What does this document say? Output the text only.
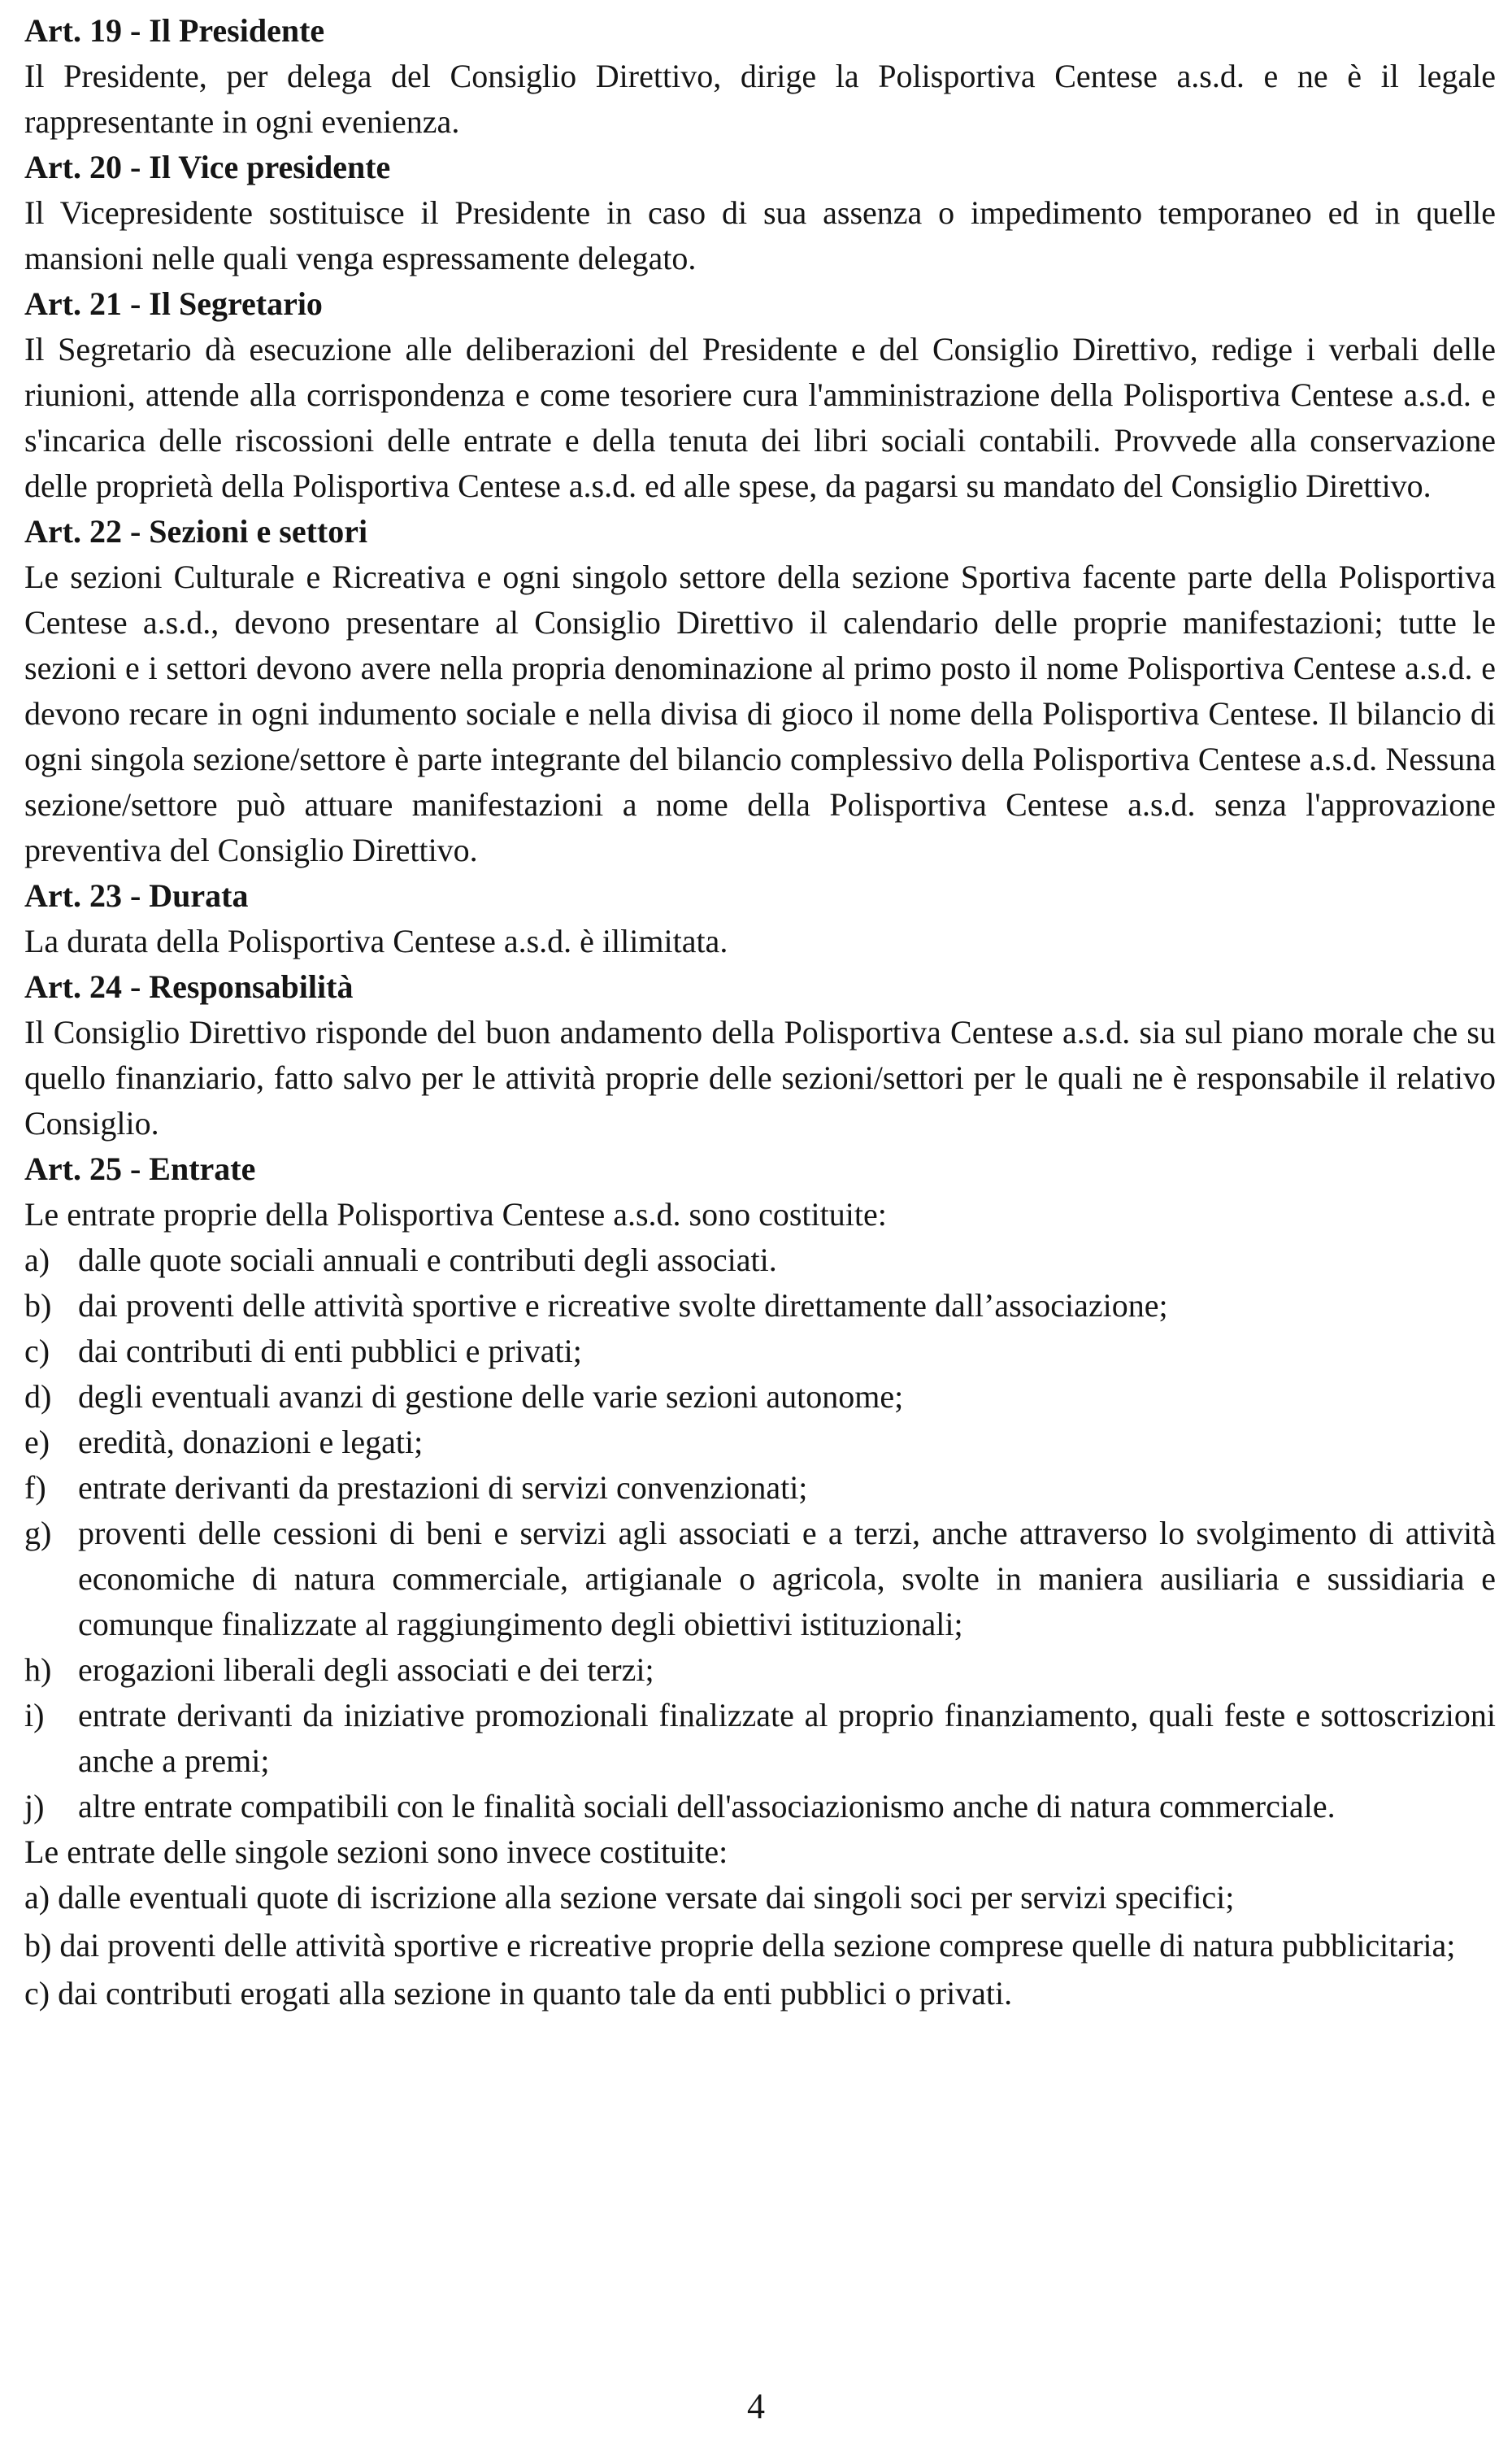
Art. 19 - Il Presidente

Il Presidente, per delega del Consiglio Direttivo, dirige la Polisportiva Centese a.s.d. e ne è il legale rappresentante in ogni evenienza.

Art. 20 - Il Vice presidente

Il Vicepresidente sostituisce il Presidente in caso di sua assenza o impedimento temporaneo ed in quelle mansioni nelle quali venga espressamente delegato.

Art. 21 - Il Segretario

Il Segretario dà esecuzione alle deliberazioni del Presidente e del Consiglio Direttivo, redige i verbali delle riunioni, attende alla corrispondenza e come tesoriere cura l'amministrazione della Polisportiva Centese a.s.d. e s'incarica delle riscossioni delle entrate e della tenuta dei libri sociali contabili. Provvede alla conservazione delle proprietà della Polisportiva Centese a.s.d. ed alle spese, da pagarsi su mandato del Consiglio Direttivo.

Art. 22 - Sezioni e settori

Le sezioni Culturale e Ricreativa e ogni singolo settore della sezione Sportiva facente parte della Polisportiva Centese a.s.d., devono presentare al Consiglio Direttivo il calendario delle proprie manifestazioni; tutte le sezioni e i settori devono avere nella propria denominazione al primo posto il nome Polisportiva Centese a.s.d. e devono recare in ogni indumento sociale e nella divisa di gioco il nome della Polisportiva Centese. Il bilancio di ogni singola sezione/settore è parte integrante del bilancio complessivo della Polisportiva Centese a.s.d. Nessuna sezione/settore può attuare manifestazioni a nome della Polisportiva Centese a.s.d. senza l'approvazione preventiva del Consiglio Direttivo.

Art. 23 - Durata

La durata della Polisportiva Centese a.s.d. è illimitata.

Art. 24 - Responsabilità

Il Consiglio Direttivo risponde del buon andamento della Polisportiva Centese a.s.d. sia sul piano morale che su quello finanziario, fatto salvo per le attività proprie delle sezioni/settori per le quali ne è responsabile il relativo Consiglio.

Art. 25 - Entrate

Le entrate proprie della Polisportiva Centese a.s.d. sono costituite:

a) dalle quote sociali annuali e contributi degli associati.
b) dai proventi delle attività sportive e ricreative svolte direttamente dall’associazione;
c) dai contributi di enti pubblici e privati;
d) degli eventuali avanzi di gestione delle varie sezioni autonome;
e) eredità, donazioni e legati;
f) entrate derivanti da prestazioni di servizi convenzionati;
g) proventi delle cessioni di beni e servizi agli associati e a terzi, anche attraverso lo svolgimento di attività economiche di natura commerciale, artigianale o agricola, svolte in maniera ausiliaria e sussidiaria e comunque finalizzate al raggiungimento degli obiettivi istituzionali;
h) erogazioni liberali degli associati e dei terzi;
i)	entrate derivanti da iniziative promozionali finalizzate al proprio finanziamento, quali feste e sottoscrizioni anche a premi;
j)	altre entrate compatibili con le finalità sociali dell'associazionismo anche di natura commerciale.

Le entrate delle singole sezioni sono invece costituite:

a) dalle eventuali quote di iscrizione alla sezione versate dai singoli soci per servizi specifici;

b) dai proventi delle attività sportive e ricreative proprie della sezione comprese quelle di natura pubblicitaria;

c) dai contributi erogati alla sezione in quanto tale da enti pubblici o privati.

4
